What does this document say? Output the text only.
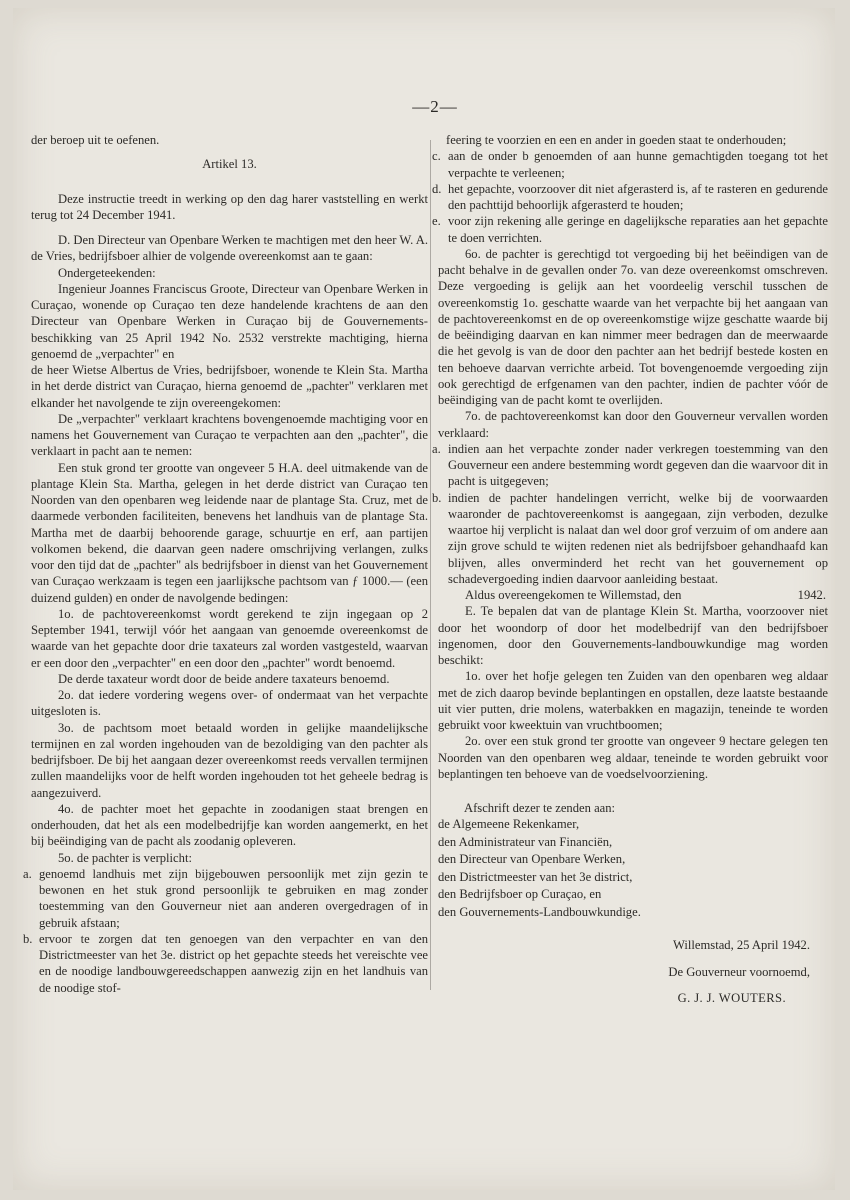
—2—

der beroep uit te oefenen.

Artikel 13.

Deze instructie treedt in werking op den dag harer vaststelling en werkt terug tot 24 December 1941.

D. Den Directeur van Openbare Werken te machtigen met den heer W. A. de Vries, bedrijfsboer alhier de volgende overeenkomst aan te gaan:

Ondergeteekenden:

Ingenieur Joannes Franciscus Groote, Directeur van Openbare Werken in Curaçao, wonende op Curaçao ten deze handelende krachtens de aan den Directeur van Openbare Werken in Curaçao bij de Gouvernements-beschikking van 25 April 1942 No. 2532 verstrekte machtiging, hierna genoemd de „verpachter" en

de heer Wietse Albertus de Vries, bedrijfsboer, wonende te Klein Sta. Martha in het derde district van Curaçao, hierna genoemd de „pachter" verklaren met elkander het navolgende te zijn overeengekomen:

De „verpachter" verklaart krachtens bovengenoemde machtiging voor en namens het Gouvernement van Curaçao te verpachten aan den „pachter", die verklaart in pacht aan te nemen:

Een stuk grond ter grootte van ongeveer 5 H.A. deel uitmakende van de plantage Klein Sta. Martha, gelegen in het derde district van Curaçao ten Noorden van den openbaren weg leidende naar de plantage Sta. Cruz, met de daarmede verbonden faciliteiten, benevens het landhuis van de plantage Sta. Martha met de daarbij behoorende garage, schuurtje en erf, aan partijen volkomen bekend, die daarvan geen nadere omschrijving verlangen, zulks voor den tijd dat de „pachter" als bedrijfsboer in dienst van het Gouvernement van Curaçao werkzaam is tegen een jaarlijksche pachtsom van ƒ 1000.— (een duizend gulden) en onder de navolgende bedingen:

1o. de pachtovereenkomst wordt gerekend te zijn ingegaan op 2 September 1941, terwijl vóór het aangaan van genoemde overeenkomst de waarde van het gepachte door drie taxateurs zal worden vastgesteld, waarvan er een door den „verpachter" en een door den „pachter" wordt benoemd.

De derde taxateur wordt door de beide andere taxateurs benoemd.

2o. dat iedere vordering wegens over- of ondermaat van het verpachte uitgesloten is.

3o. de pachtsom moet betaald worden in gelijke maandelijksche termijnen en zal worden ingehouden van de bezoldiging van den pachter als bedrijfsboer. De bij het aangaan dezer overeenkomst reeds vervallen termijnen zullen maandelijks voor de helft worden ingehouden tot het geheele bedrag is aangezuiverd.

4o. de pachter moet het gepachte in zoodanigen staat brengen en onderhouden, dat het als een modelbedrijfje kan worden aangemerkt, en het bij beëindiging van de pacht als zoodanig opleveren.

5o. de pachter is verplicht:

a. genoemd landhuis met zijn bijgebouwen persoonlijk met zijn gezin te bewonen en het stuk grond persoonlijk te gebruiken en mag zonder toestemming van den Gouverneur niet aan anderen overgedragen of in gebruik afstaan;
b. ervoor te zorgen dat ten genoegen van den verpachter en van den Districtmeester van het 3e. district op het gepachte steeds het vereischte vee en de noodige landbouwgereedschappen aanwezig zijn en het landhuis van de noodige stof-

feering te voorzien en een en ander in goeden staat te onderhouden;

c. aan de onder b genoemden of aan hunne gemachtigden toegang tot het verpachte te verleenen;
d. het gepachte, voorzoover dit niet afgerasterd is, af te rasteren en gedurende den pachttijd behoorlijk afgerasterd te houden;
e. voor zijn rekening alle geringe en dagelijksche reparaties aan het gepachte te doen verrichten.

6o. de pachter is gerechtigd tot vergoeding bij het beëindigen van de pacht behalve in de gevallen onder 7o. van deze overeenkomst omschreven. Deze vergoeding is gelijk aan het voordeelig verschil tusschen de overeenkomstig 1o. geschatte waarde van het verpachte bij het aangaan van de pachtovereenkomst en de op overeenkomstige wijze geschatte waarde bij de beëindiging daarvan en kan nimmer meer bedragen dan de meerwaarde die het gevolg is van de door den pachter aan het bedrijf bestede kosten en ten behoeve daarvan verrichte arbeid. Tot bovengenoemde vergoeding zijn ook gerechtigd de erfgenamen van den pachter, indien de pachter vóór de beëindiging van de pacht komt te overlijden.

7o. de pachtovereenkomst kan door den Gouverneur vervallen worden verklaard:

a. indien aan het verpachte zonder nader verkregen toestemming van den Gouverneur een andere bestemming wordt gegeven dan die waarvoor dit in pacht is uitgegeven;
b. indien de pachter handelingen verricht, welke bij de voorwaarden waaronder de pachtovereenkomst is aangegaan, zijn verboden, dezulke waartoe hij verplicht is nalaat dan wel door grof verzuim of om andere aan zijn grove schuld te wijten redenen niet als bedrijfsboer gehandhaafd kan blijven, alles onverminderd het recht van het gouvernement op schadevergoeding indien daarvoor aanleiding bestaat.
Aldus overeengekomen te Willemstad, den	1942.

E. Te bepalen dat van de plantage Klein St. Martha, voorzoover niet door het woondorp of door het modelbedrijf van den bedrijfsboer ingenomen, door den Gouvernements-landbouwkundige mag worden beschikt:

1o. over het hofje gelegen ten Zuiden van den openbaren weg aldaar met de zich daarop bevinde beplantingen en opstallen, deze laatste bestaande uit vier putten, drie molens, waterbakken en magazijn, teneinde te worden gebruikt voor kweektuin van vruchtboomen;

2o. over een stuk grond ter grootte van ongeveer 9 hectare gelegen ten Noorden van den openbaren weg aldaar, teneinde te worden gebruikt voor beplantingen ten behoeve van de voedselvoorziening.

Afschrift dezer te zenden aan:

de Algemeene Rekenkamer,

den Administrateur van Financiën,

den Directeur van Openbare Werken,

den Districtmeester van het 3e district,

den Bedrijfsboer op Curaçao, en

den Gouvernements-Landbouwkundige.

Willemstad, 25 April 1942.

De Gouverneur voornoemd,

G. J. J. WOUTERS.
